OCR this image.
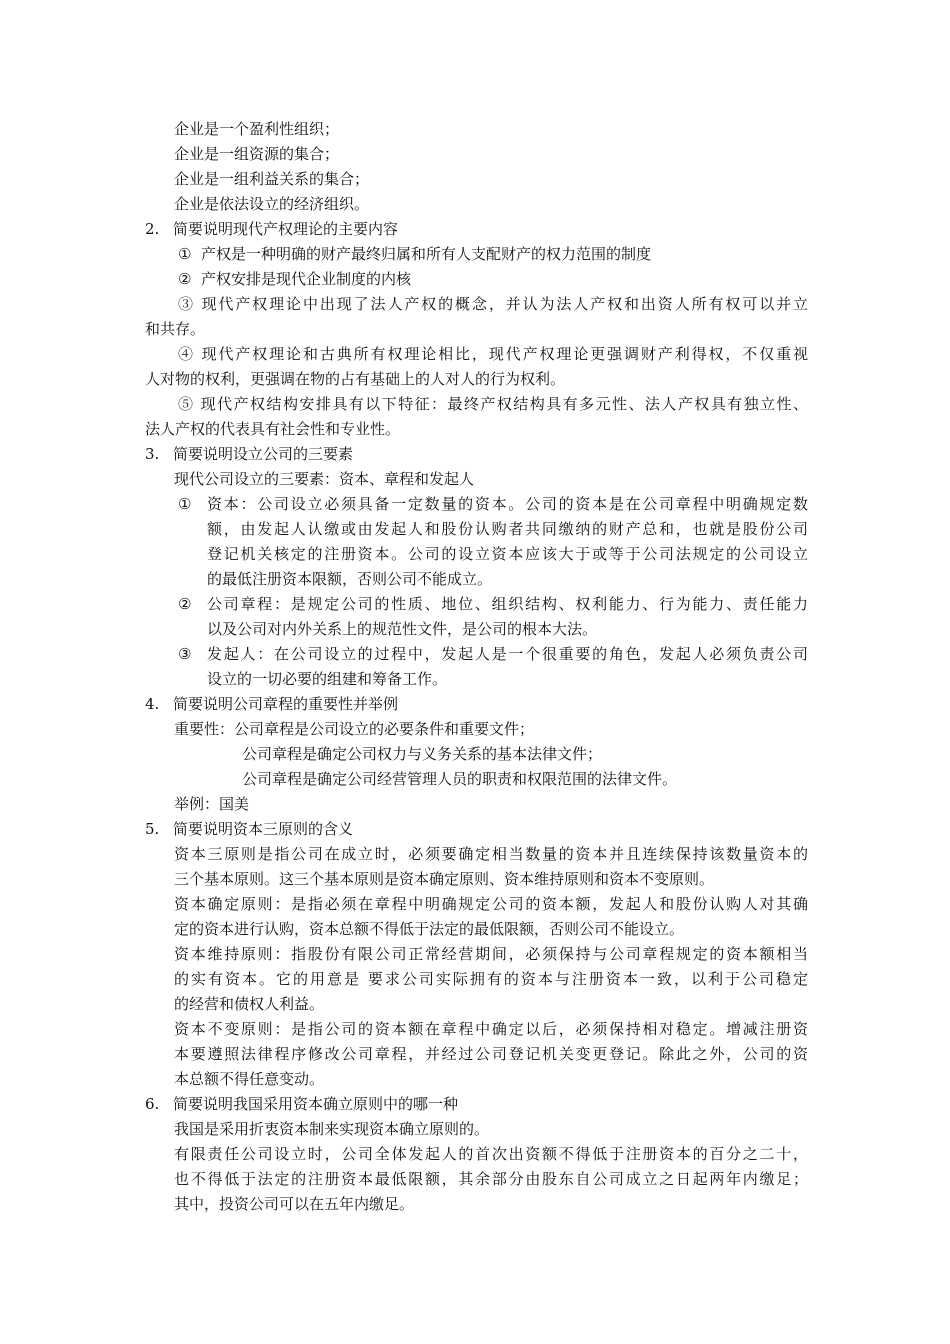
企业是一个盈利性组织；
企业是一组资源的集合；
企业是一组利益关系的集合；
企业是依法设立的经济组织。
2. 简要说明现代产权理论的主要内容
① 产权是一种明确的财产最终归属和所有人支配财产的权力范围的制度
② 产权安排是现代企业制度的内核
③ 现代产权理论中出现了法人产权的概念，并认为法人产权和出资人所有权可以并立
和共存。
④ 现代产权理论和古典所有权理论相比，现代产权理论更强调财产利得权，不仅重视
人对物的权利，更强调在物的占有基础上的人对人的行为权利。
⑤ 现代产权结构安排具有以下特征：最终产权结构具有多元性、法人产权具有独立性、
法人产权的代表具有社会性和专业性。
3. 简要说明设立公司的三要素
现代公司设立的三要素：资本、章程和发起人
① 资本：公司设立必须具备一定数量的资本。公司的资本是在公司章程中明确规定数
额，由发起人认缴或由发起人和股份认购者共同缴纳的财产总和，也就是股份公司
登记机关核定的注册资本。公司的设立资本应该大于或等于公司法规定的公司设立
的最低注册资本限额，否则公司不能成立。
② 公司章程：是规定公司的性质、地位、组织结构、权利能力、行为能力、责任能力
以及公司对内外关系上的规范性文件，是公司的根本大法。
③ 发起人：在公司设立的过程中，发起人是一个很重要的角色，发起人必须负责公司
设立的一切必要的组建和筹备工作。
4. 简要说明公司章程的重要性并举例
重要性：公司章程是公司设立的必要条件和重要文件；
公司章程是确定公司权力与义务关系的基本法律文件；
公司章程是确定公司经营管理人员的职责和权限范围的法律文件。
举例：国美
5. 简要说明资本三原则的含义
资本三原则是指公司在成立时，必须要确定相当数量的资本并且连续保持该数量资本的
三个基本原则。这三个基本原则是资本确定原则、资本维持原则和资本不变原则。
资本确定原则：是指必须在章程中明确规定公司的资本额，发起人和股份认购人对其确
定的资本进行认购，资本总额不得低于法定的最低限额，否则公司不能设立。
资本维持原则：指股份有限公司正常经营期间，必须保持与公司章程规定的资本额相当
的实有资本。它的用意是 要求公司实际拥有的资本与注册资本一致，以利于公司稳定
的经营和债权人利益。
资本不变原则：是指公司的资本额在章程中确定以后，必须保持相对稳定。增减注册资
本要遵照法律程序修改公司章程，并经过公司登记机关变更登记。除此之外，公司的资
本总额不得任意变动。
6. 简要说明我国采用资本确立原则中的哪一种
我国是采用折衷资本制来实现资本确立原则的。
有限责任公司设立时，公司全体发起人的首次出资额不得低于注册资本的百分之二十，
也不得低于法定的注册资本最低限额，其余部分由股东自公司成立之日起两年内缴足；
其中，投资公司可以在五年内缴足。
